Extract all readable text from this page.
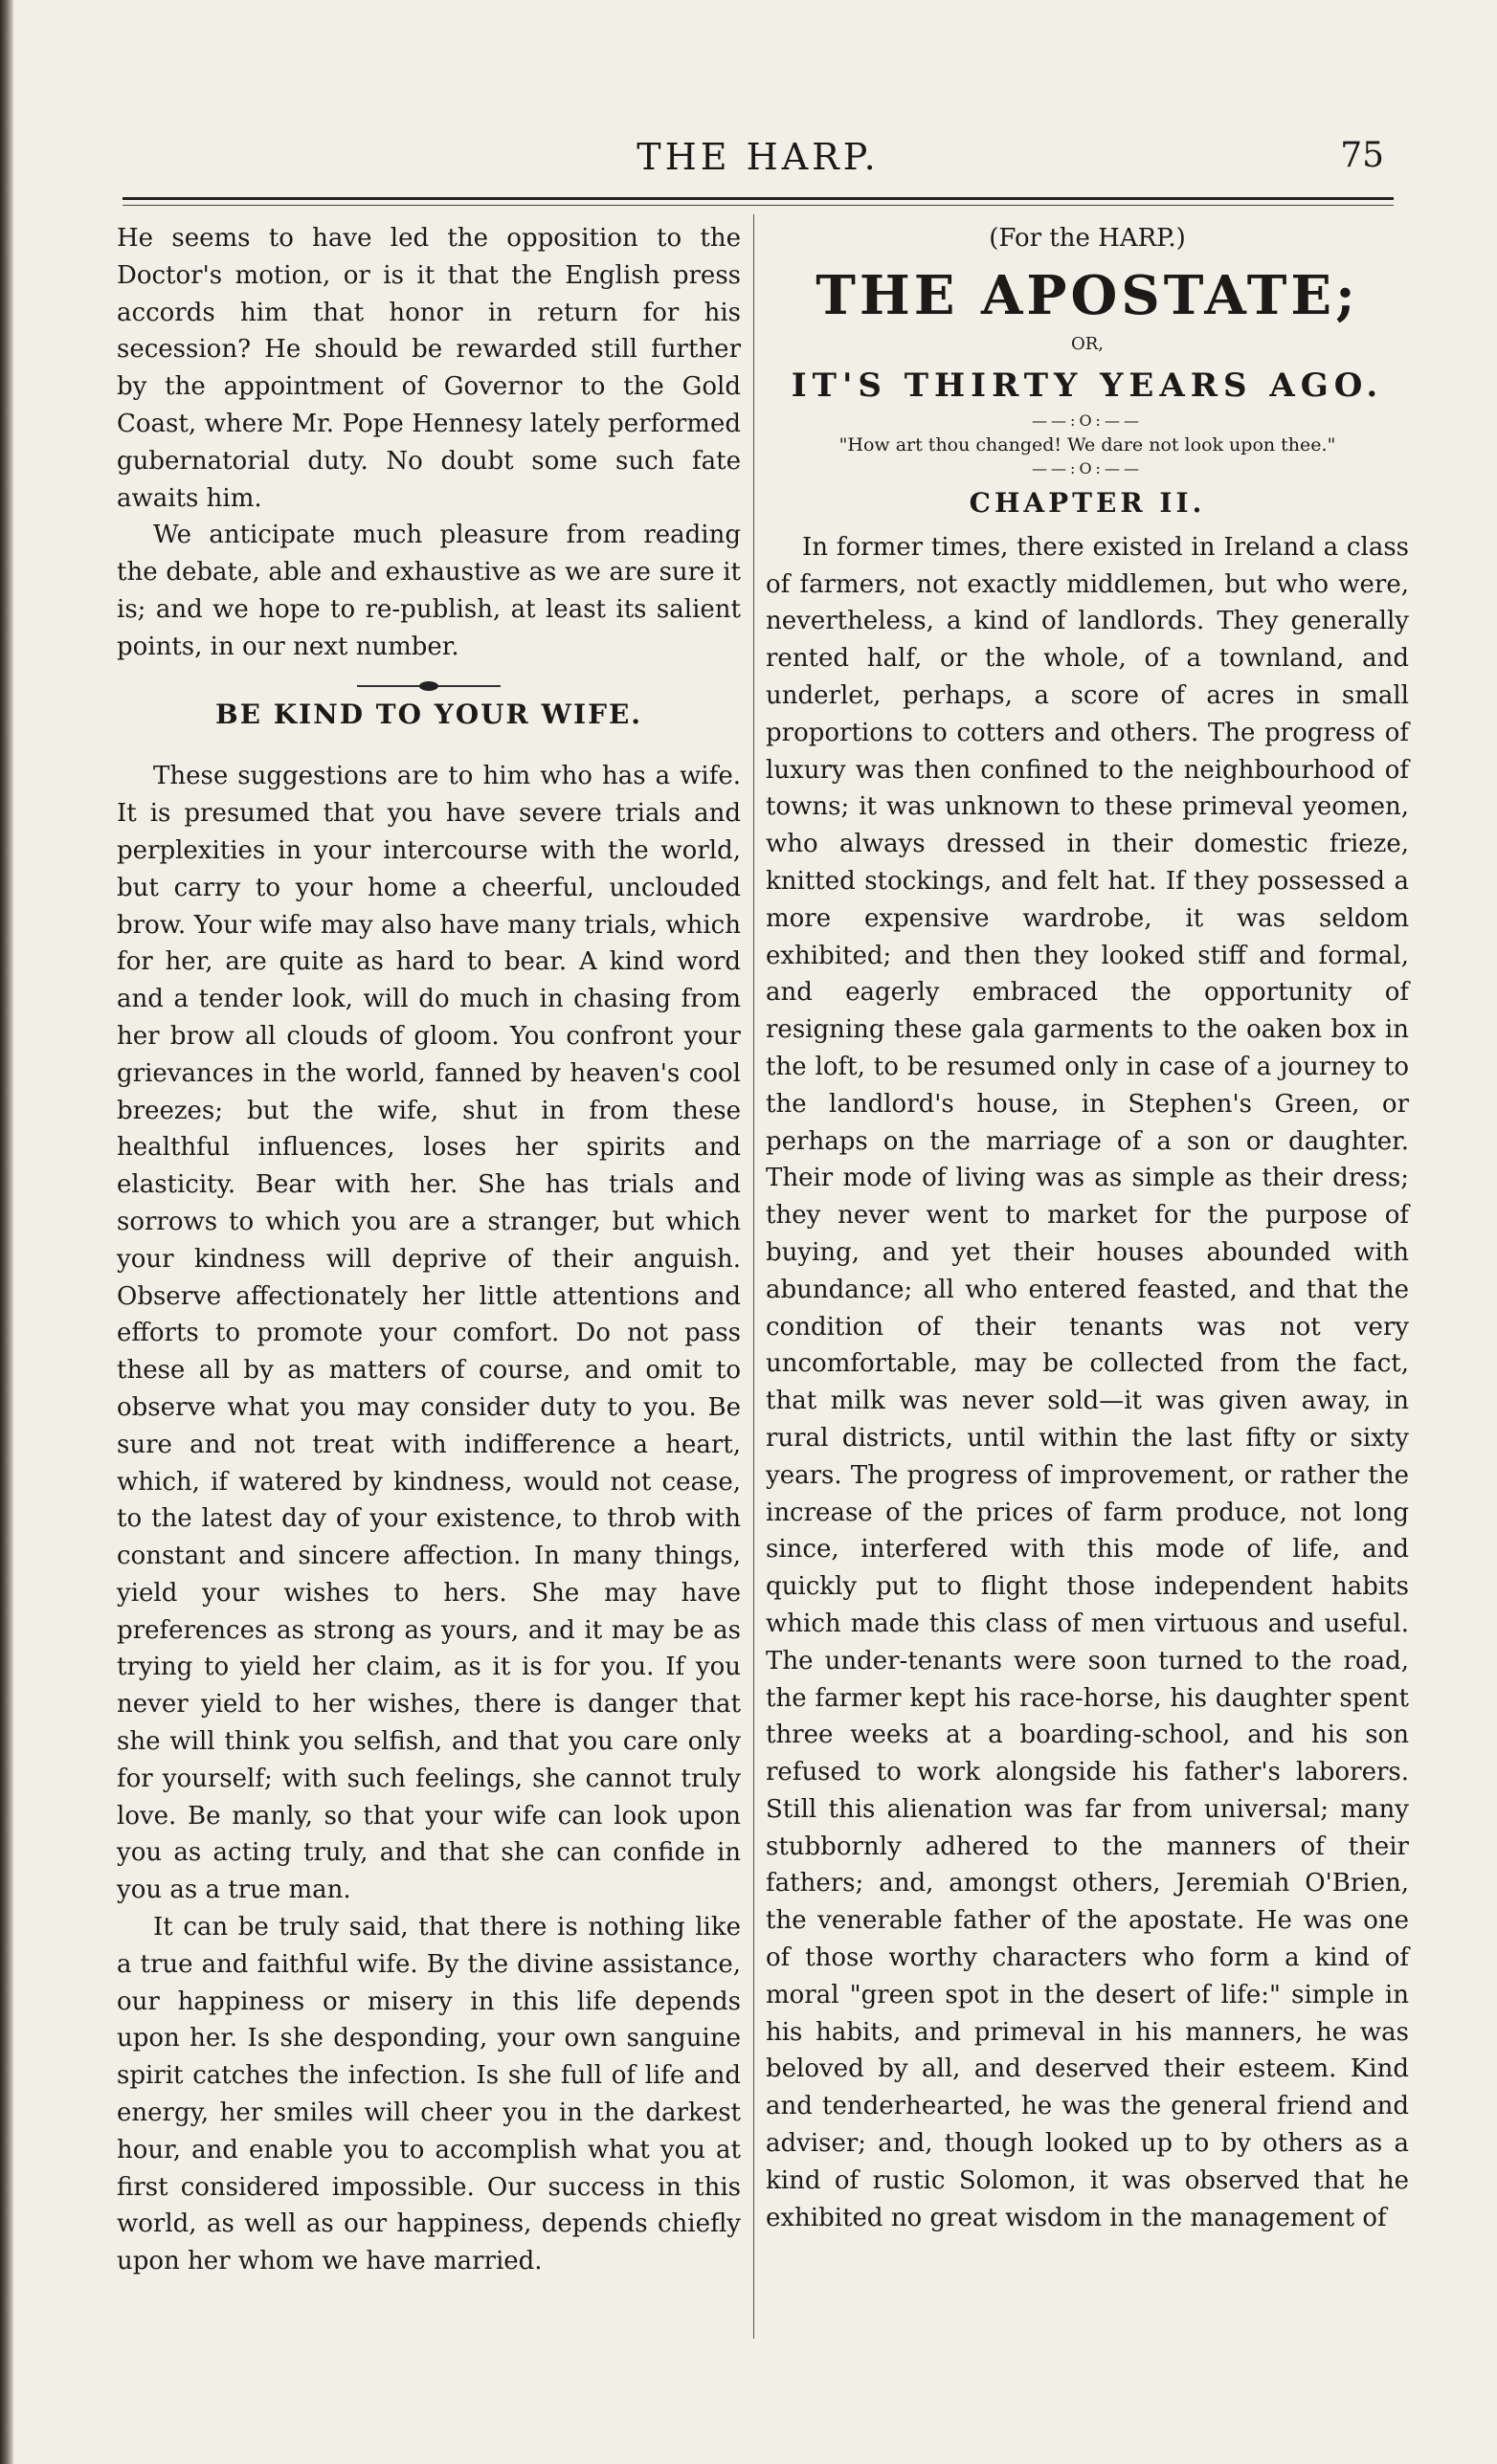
THE HARP.	75

He seems to have led the opposition to the Doctor's motion, or is it that the English press accords him that honor in return for his secession? He should be rewarded still further by the appointment of Governor to the Gold Coast, where Mr. Pope Hennesy lately performed gubernatorial duty. No doubt some such fate awaits him.

We anticipate much pleasure from reading the debate, able and exhaustive as we are sure it is; and we hope to re-publish, at least its salient points, in our next number.

BE KIND TO YOUR WIFE.

These suggestions are to him who has a wife. It is presumed that you have severe trials and perplexities in your intercourse with the world, but carry to your home a cheerful, unclouded brow. Your wife may also have many trials, which for her, are quite as hard to bear. A kind word and a tender look, will do much in chasing from her brow all clouds of gloom. You confront your grievances in the world, fanned by heaven's cool breezes; but the wife, shut in from these healthful influences, loses her spirits and elasticity. Bear with her. She has trials and sorrows to which you are a stranger, but which your kindness will deprive of their anguish. Observe affectionately her little attentions and efforts to promote your comfort. Do not pass these all by as matters of course, and omit to observe what you may consider duty to you. Be sure and not treat with indifference a heart, which, if watered by kindness, would not cease, to the latest day of your existence, to throb with constant and sincere affection. In many things, yield your wishes to hers. She may have preferences as strong as yours, and it may be as trying to yield her claim, as it is for you. If you never yield to her wishes, there is danger that she will think you selfish, and that you care only for yourself; with such feelings, she cannot truly love. Be manly, so that your wife can look upon you as acting truly, and that she can confide in you as a true man.

It can be truly said, that there is nothing like a true and faithful wife. By the divine assistance, our happiness or misery in this life depends upon her. Is she desponding, your own sanguine spirit catches the infection. Is she full of life and energy, her smiles will cheer you in the darkest hour, and enable you to accomplish what you at first considered impossible. Our success in this world, as well as our happiness, depends chiefly upon her whom we have married.

(For the HARP.)

THE APOSTATE;

OR,

IT'S THIRTY YEARS AGO.

——:O:——

"How art thou changed! We dare not look upon thee."

——:O:——

CHAPTER II.

In former times, there existed in Ireland a class of farmers, not exactly middlemen, but who were, nevertheless, a kind of landlords. They generally rented half, or the whole, of a townland, and underlet, perhaps, a score of acres in small proportions to cotters and others. The progress of luxury was then confined to the neighbourhood of towns; it was unknown to these primeval yeomen, who always dressed in their domestic frieze, knitted stockings, and felt hat. If they possessed a more expensive wardrobe, it was seldom exhibited; and then they looked stiff and formal, and eagerly embraced the opportunity of resigning these gala garments to the oaken box in the loft, to be resumed only in case of a journey to the landlord's house, in Stephen's Green, or perhaps on the marriage of a son or daughter. Their mode of living was as simple as their dress; they never went to market for the purpose of buying, and yet their houses abounded with abundance; all who entered feasted, and that the condition of their tenants was not very uncomfortable, may be collected from the fact, that milk was never sold—it was given away, in rural districts, until within the last fifty or sixty years. The progress of improvement, or rather the increase of the prices of farm produce, not long since, interfered with this mode of life, and quickly put to flight those independent habits which made this class of men virtuous and useful. The under-tenants were soon turned to the road, the farmer kept his race-horse, his daughter spent three weeks at a boarding-school, and his son refused to work alongside his father's laborers. Still this alienation was far from universal; many stubbornly adhered to the manners of their fathers; and, amongst others, Jeremiah O'Brien, the venerable father of the apostate. He was one of those worthy characters who form a kind of moral "green spot in the desert of life:" simple in his habits, and primeval in his manners, he was beloved by all, and deserved their esteem. Kind and tenderhearted, he was the general friend and adviser; and, though looked up to by others as a kind of rustic Solomon, it was observed that he exhibited no great wisdom in the management of
